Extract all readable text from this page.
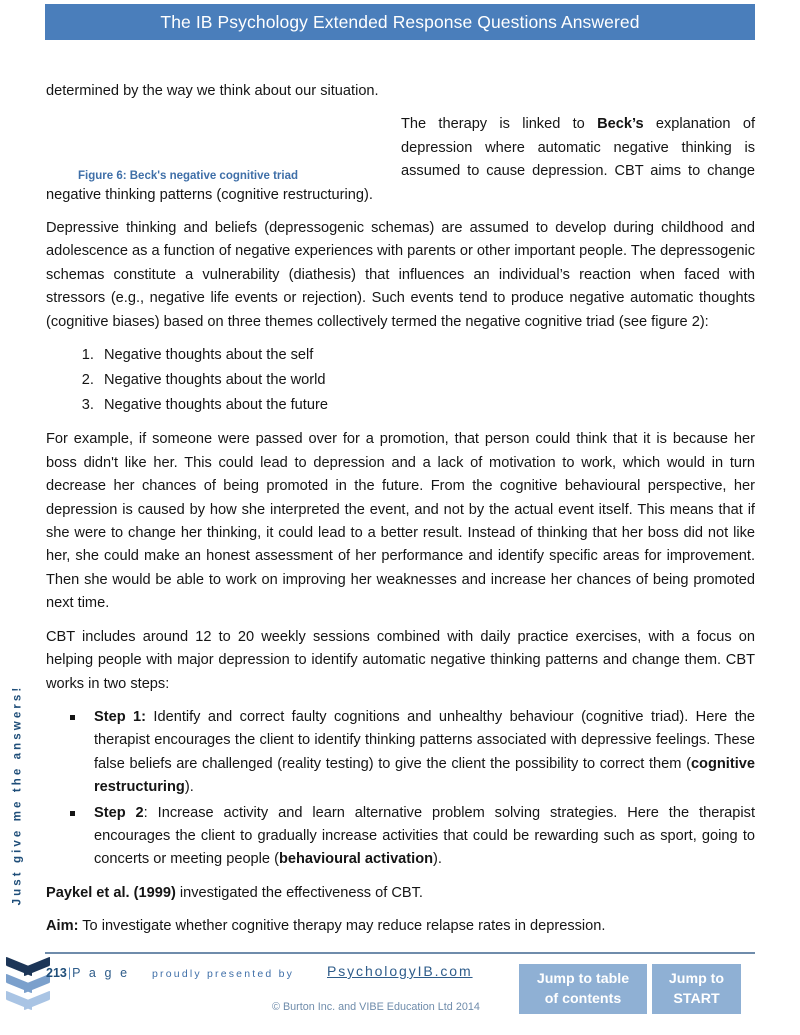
The IB Psychology Extended Response Questions Answered
Just give me the answers!

determined by the way we think about our situation.

Figure 6: Beck's negative cognitive triad
The therapy is linked to Beck’s explanation of depression where automatic negative thinking is assumed to cause depression. CBT aims to change negative thinking patterns (cognitive restructuring).

Depressive thinking and beliefs (depressogenic schemas) are assumed to develop during childhood and adolescence as a function of negative experiences with parents or other important people. The depressogenic schemas constitute a vulnerability (diathesis) that influences an individual’s reaction when faced with stressors (e.g., negative life events or rejection). Such events tend to produce negative automatic thoughts (cognitive biases) based on three themes collectively termed the negative cognitive triad (see figure 2):

1. Negative thoughts about the self
2. Negative thoughts about the world
3. Negative thoughts about the future

For example, if someone were passed over for a promotion, that person could think that it is because her boss didn't like her. This could lead to depression and a lack of motivation to work, which would in turn decrease her chances of being promoted in the future. From the cognitive behavioural perspective, her depression is caused by how she interpreted the event, and not by the actual event itself. This means that if she were to change her thinking, it could lead to a better result. Instead of thinking that her boss did not like her, she could make an honest assessment of her performance and identify specific areas for improvement. Then she would be able to work on improving her weaknesses and increase her chances of being promoted next time.

CBT includes around 12 to 20 weekly sessions combined with daily practice exercises, with a focus on helping people with major depression to identify automatic negative thinking patterns and change them. CBT works in two steps:

Step 1: Identify and correct faulty cognitions and unhealthy behaviour (cognitive triad). Here the therapist encourages the client to identify thinking patterns associated with depressive feelings. These false beliefs are challenged (reality testing) to give the client the possibility to correct them (cognitive restructuring).
Step 2: Increase activity and learn alternative problem solving strategies. Here the therapist encourages the client to gradually increase activities that could be rewarding such as sport, going to concerts or meeting people (behavioural activation).

Paykel et al. (1999) investigated the effectiveness of CBT.

Aim: To investigate whether cognitive therapy may reduce relapse rates in depression.

213|P a g e proudly presented by PsychologyIB.com
© Burton Inc. and VIBE Education Ltd 2014
Jump to table
of contents
Jump to
START
